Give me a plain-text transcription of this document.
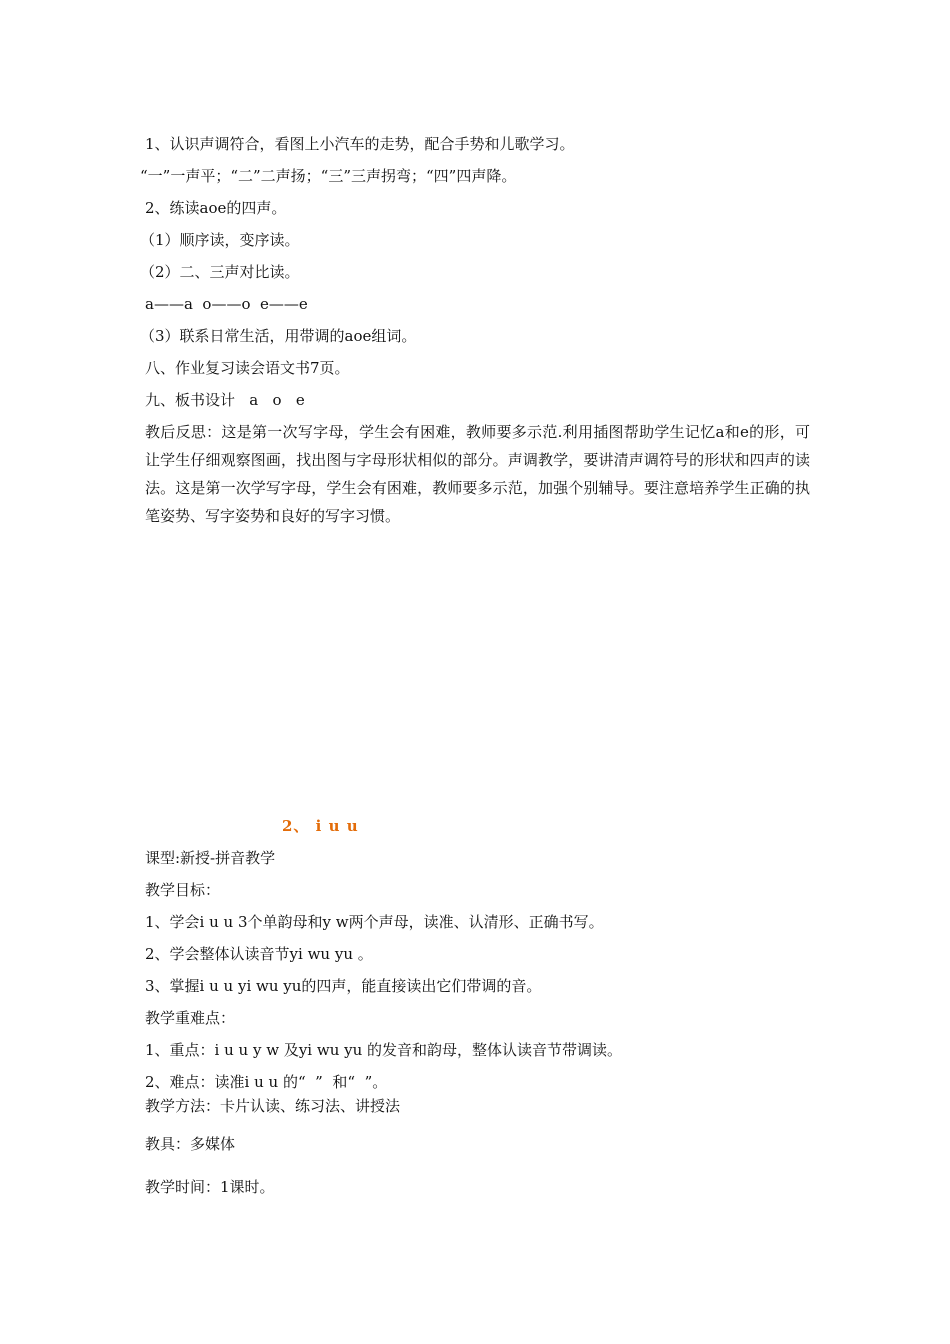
1、认识声调符合，看图上小汽车的走势，配合手势和儿歌学习。
“一”一声平；“二”二声扬；“三”三声拐弯；“四”四声降。
2、练读aoe的四声。
（1）顺序读，变序读。
（2）二、三声对比读。
a——a  o——o  e——e
（3）联系日常生活，用带调的aoe组词。
八、作业复习读会语文书7页。
九、板书设计   a   o   e
教后反思：这是第一次写字母，学生会有困难，教师要多示范.利用插图帮助学生记忆a和e的形，可让学生仔细观察图画，找出图与字母形状相似的部分。声调教学，要讲清声调符号的形状和四声的读法。这是第一次学写字母，学生会有困难，教师要多示范，加强个别辅导。要注意培养学生正确的执笔姿势、写字姿势和良好的写字习惯。
2、 i u u
课型:新授-拼音教学
教学目标：
1、学会i u u 3个单韵母和y w两个声母，读准、认清形、正确书写。
2、学会整体认读音节yi wu yu 。
3、掌握i u u yi wu yu的四声，能直接读出它们带调的音。
教学重难点：
1、重点：i u u y w 及yi wu yu 的发音和韵母，整体认读音节带调读。
2、难点：读准i u u 的“  ”  和“  ”。
教学方法：卡片认读、练习法、讲授法
教具：多媒体
教学时间：1课时。
